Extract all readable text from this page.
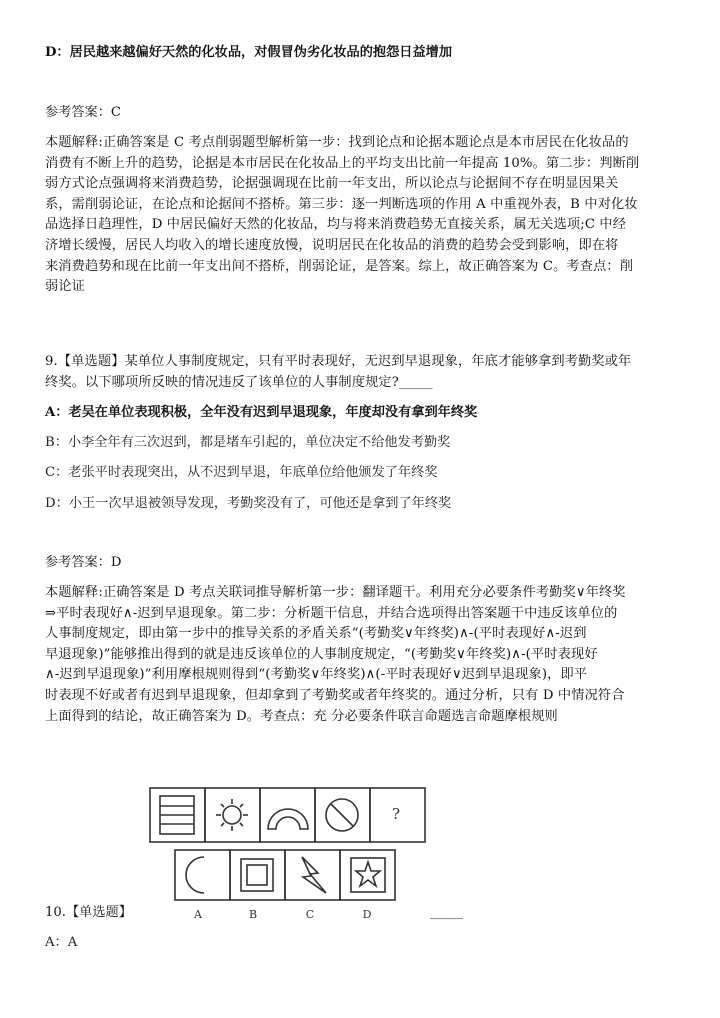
D：居民越来越偏好天然的化妆品，对假冒伪劣化妆品的抱怨日益增加
参考答案：C
本题解释:正确答案是 C 考点削弱题型解析第一步：找到论点和论据本题论点是本市居民在化妆品的
消费有不断上升的趋势，论据是本市居民在化妆品上的平均支出比前一年提高 10%。第二步：判断削
弱方式论点强调将来消费趋势，论据强调现在比前一年支出，所以论点与论据间不存在明显因果关
系，需削弱论证，在论点和论据间不搭桥。第三步：逐一判断选项的作用 A 中重视外表，B 中对化妆
品选择日趋理性，D 中居民偏好天然的化妆品，均与将来消费趋势无直接关系，属无关选项;C 中经
济增长缓慢，居民人均收入的增长速度放慢，说明居民在化妆品的消费的趋势会受到影响，即在将
来消费趋势和现在比前一年支出间不搭桥，削弱论证，是答案。综上，故正确答案为 C。考查点：削
弱论证
9.【单选题】某单位人事制度规定，只有平时表现好，无迟到早退现象，年底才能够拿到考勤奖或年
终奖。以下哪项所反映的情况违反了该单位的人事制度规定?_____
A：老吴在单位表现积极，全年没有迟到早退现象，年度却没有拿到年终奖
B：小李全年有三次迟到，都是堵车引起的，单位决定不给他发考勤奖
C：老张平时表现突出，从不迟到早退，年底单位给他颁发了年终奖
D：小王一次早退被领导发现，考勤奖没有了，可他还是拿到了年终奖
参考答案：D
本题解释:正确答案是 D 考点关联词推导解析第一步：翻译题干。利用充分必要条件考勤奖∨年终奖
⇒平时表现好∧-迟到早退现象。第二步：分析题干信息，并结合选项得出答案题干中违反该单位的
人事制度规定，即由第一步中的推导关系的矛盾关系“(考勤奖∨年终奖)∧-(平时表现好∧-迟到
早退现象)”能够推出得到的就是违反该单位的人事制度规定，“(考勤奖∨年终奖)∧-(平时表现好
∧-迟到早退现象)”利用摩根规则得到“(考勤奖∨年终奖)∧(-平时表现好∨迟到早退现象)，即平
时表现不好或者有迟到早退现象，但却拿到了考勤奖或者年终奖的。通过分析，只有 D 中情况符合
上面得到的结论，故正确答案为 D。考查点：充 分必要条件联言命题选言命题摩根规则
?
A	B	C	D
10.【单选题】	_____
A：A
